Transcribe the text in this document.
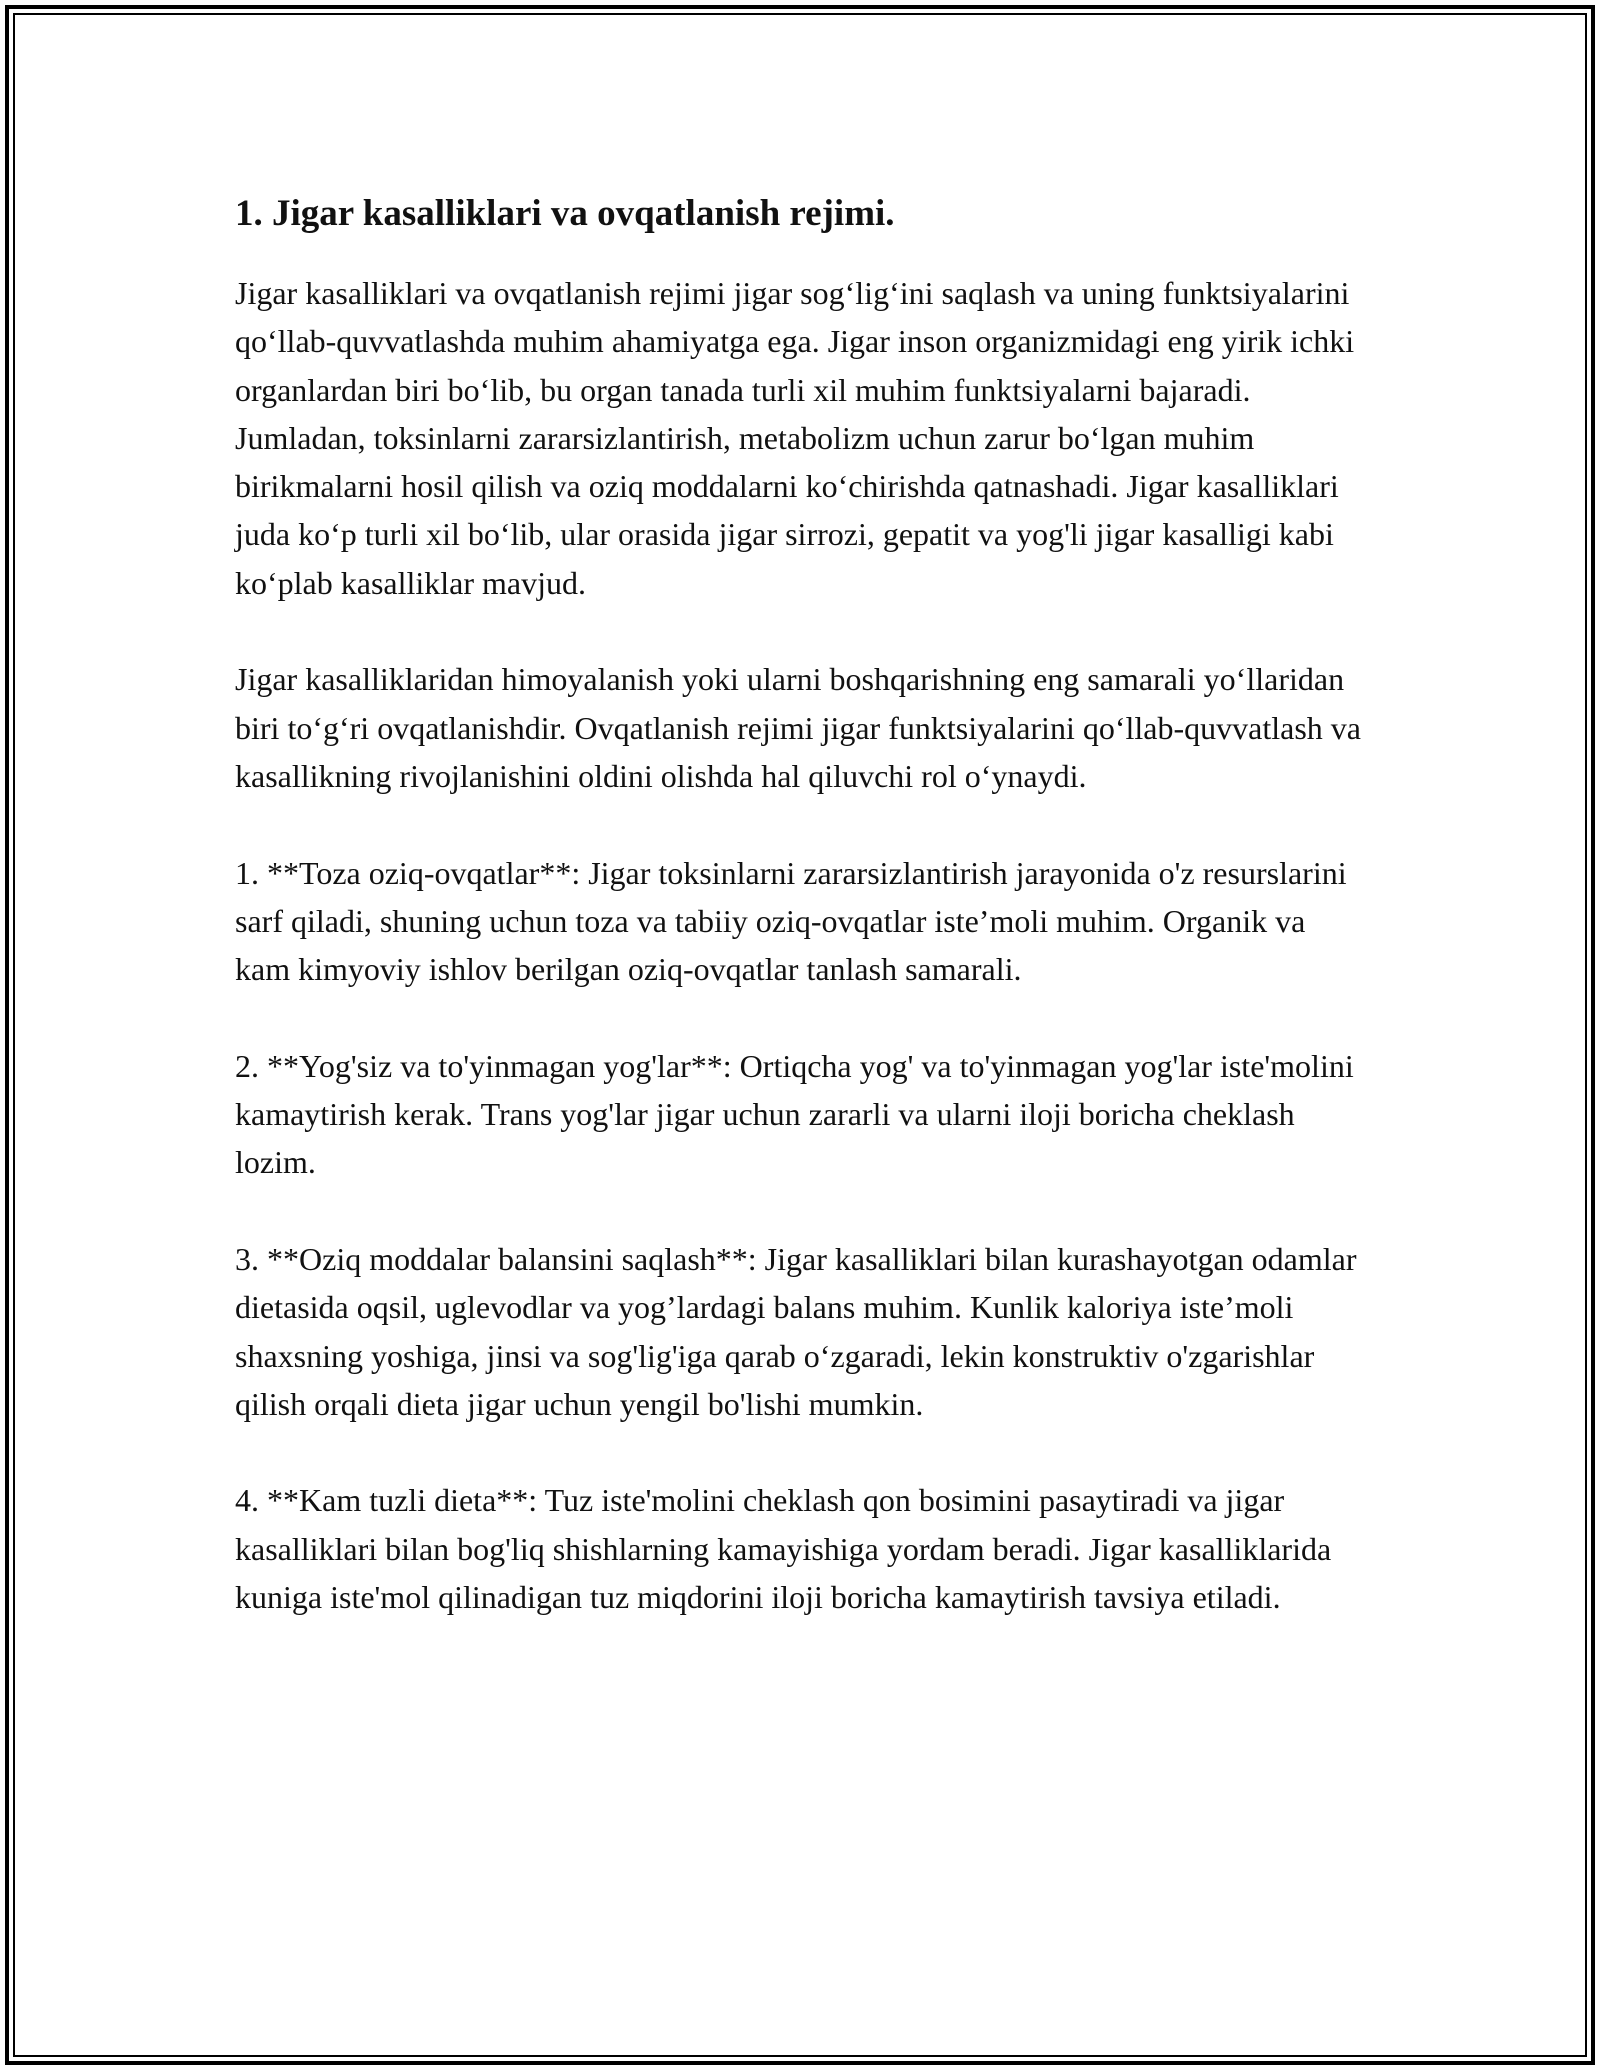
1. Jigar kasalliklari va ovqatlanish rejimi.

Jigar kasalliklari va ovqatlanish rejimi jigar sog‘lig‘ini saqlash va uning funktsiyalarini qo‘llab-quvvatlashda muhim ahamiyatga ega. Jigar inson organizmidagi eng yirik ichki organlardan biri bo‘lib, bu organ tanada turli xil muhim funktsiyalarni bajaradi. Jumladan, toksinlarni zararsizlantirish, metabolizm uchun zarur bo‘lgan muhim birikmalarni hosil qilish va oziq moddalarni ko‘chirishda qatnashadi. Jigar kasalliklari juda ko‘p turli xil bo‘lib, ular orasida jigar sirrozi, gepatit va yog'li jigar kasalligi kabi ko‘plab kasalliklar mavjud.

Jigar kasalliklaridan himoyalanish yoki ularni boshqarishning eng samarali yo‘llaridan biri to‘g‘ri ovqatlanishdir. Ovqatlanish rejimi jigar funktsiyalarini qo‘llab-quvvatlash va kasallikning rivojlanishini oldini olishda hal qiluvchi rol o‘ynaydi.

1. **Toza oziq-ovqatlar**: Jigar toksinlarni zararsizlantirish jarayonida o'z resurslarini sarf qiladi, shuning uchun toza va tabiiy oziq-ovqatlar iste’moli muhim. Organik va kam kimyoviy ishlov berilgan oziq-ovqatlar tanlash samarali.

2. **Yog'siz va to'yinmagan yog'lar**: Ortiqcha yog' va to'yinmagan yog'lar iste'molini kamaytirish kerak. Trans yog'lar jigar uchun zararli va ularni iloji boricha cheklash lozim.

3. **Oziq moddalar balansini saqlash**: Jigar kasalliklari bilan kurashayotgan odamlar dietasida oqsil, uglevodlar va yog’lardagi balans muhim. Kunlik kaloriya iste’moli shaxsning yoshiga, jinsi va sog'lig'iga qarab o‘zgaradi, lekin konstruktiv o'zgarishlar qilish orqali dieta jigar uchun yengil bo'lishi mumkin.

4. **Kam tuzli dieta**: Tuz iste'molini cheklash qon bosimini pasaytiradi va jigar kasalliklari bilan bog'liq shishlarning kamayishiga yordam beradi. Jigar kasalliklarida kuniga iste'mol qilinadigan tuz miqdorini iloji boricha kamaytirish tavsiya etiladi.
